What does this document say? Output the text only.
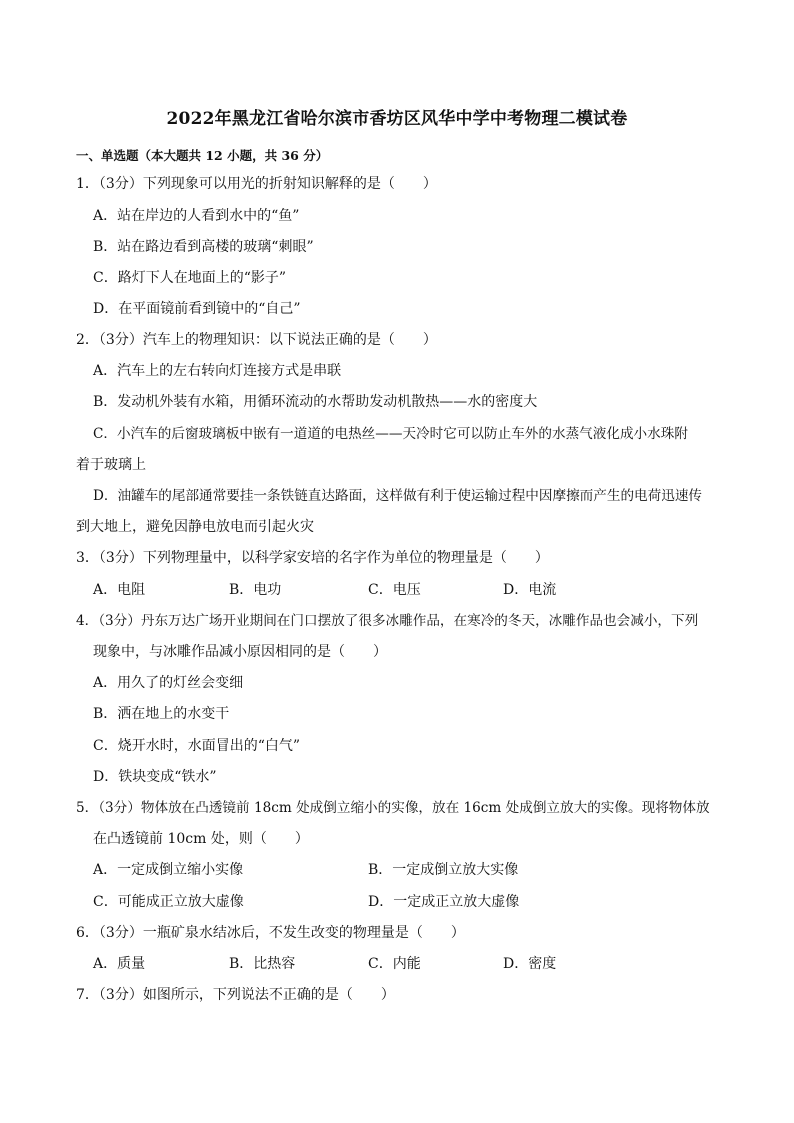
2022年黑龙江省哈尔滨市香坊区风华中学中考物理二模试卷
一、单选题（本大题共 12 小题，共 36 分）
1．（3分）下列现象可以用光的折射知识解释的是（　　）
A．站在岸边的人看到水中的“鱼”
B．站在路边看到高楼的玻璃“刺眼”
C．路灯下人在地面上的“影子”
D．在平面镜前看到镜中的“自己”
2．（3分）汽车上的物理知识：以下说法正确的是（　　）
A．汽车上的左右转向灯连接方式是串联
B．发动机外装有水箱，用循环流动的水帮助发动机散热——水的密度大
C．小汽车的后窗玻璃板中嵌有一道道的电热丝——天冷时它可以防止车外的水蒸气液化成小水珠附
着于玻璃上
D．油罐车的尾部通常要挂一条铁链直达路面，这样做有利于使运输过程中因摩擦而产生的电荷迅速传
到大地上，避免因静电放电而引起火灾
3．（3分）下列物理量中，以科学家安培的名字作为单位的物理量是（　　）
A．电阻	B．电功	C．电压	D．电流
4．（3分）丹东万达广场开业期间在门口摆放了很多冰雕作品，在寒冷的冬天，冰雕作品也会减小，下列
现象中，与冰雕作品减小原因相同的是（　　）
A．用久了的灯丝会变细
B．洒在地上的水变干
C．烧开水时，水面冒出的“白气”
D．铁块变成“铁水”
5．（3分）物体放在凸透镜前 18cm 处成倒立缩小的实像，放在 16cm 处成倒立放大的实像。现将物体放
在凸透镜前 10cm 处，则（　　）
A．一定成倒立缩小实像	B．一定成倒立放大实像
C．可能成正立放大虚像	D．一定成正立放大虚像
6．（3分）一瓶矿泉水结冰后，不发生改变的物理量是（　　）
A．质量	B．比热容	C．内能	D．密度
7．（3分）如图所示，下列说法不正确的是（　　）
